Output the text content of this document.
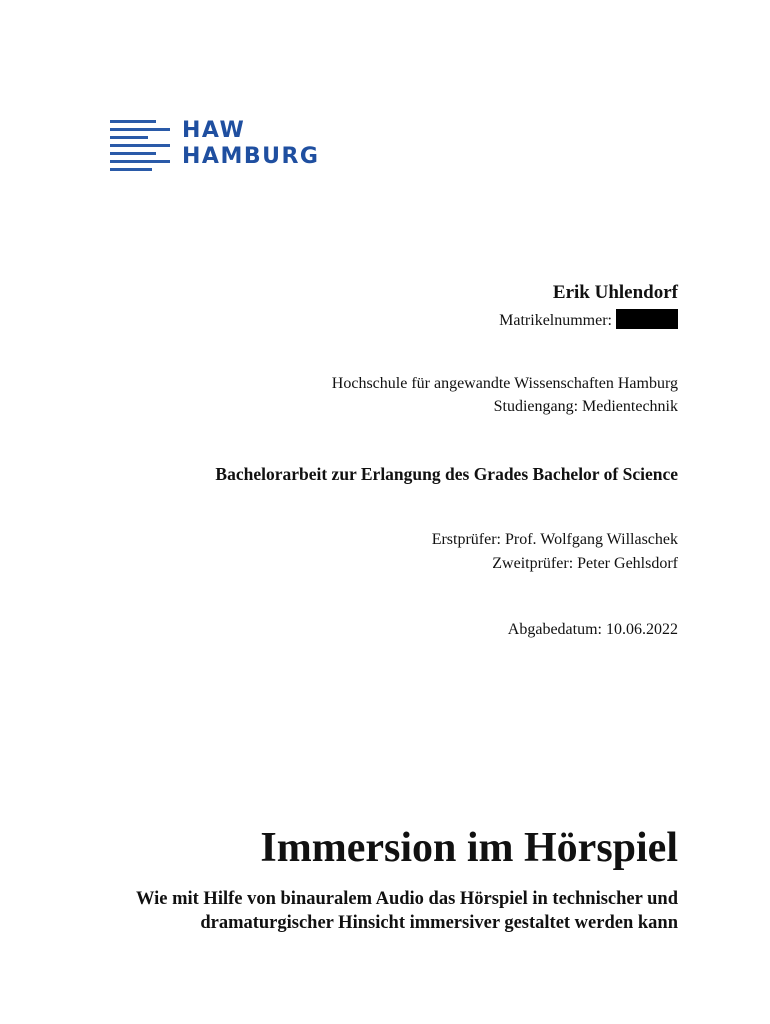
HAW
HAMBURG
Erik Uhlendorf
Matrikelnummer:
Hochschule für angewandte Wissenschaften Hamburg
Studiengang: Medientechnik
Bachelorarbeit zur Erlangung des Grades Bachelor of Science
Erstprüfer: Prof. Wolfgang Willaschek
Zweitprüfer: Peter Gehlsdorf
Abgabedatum: 10.06.2022
Immersion im Hörspiel
Wie mit Hilfe von binauralem Audio das Hörspiel in technischer und
dramaturgischer Hinsicht immersiver gestaltet werden kann
